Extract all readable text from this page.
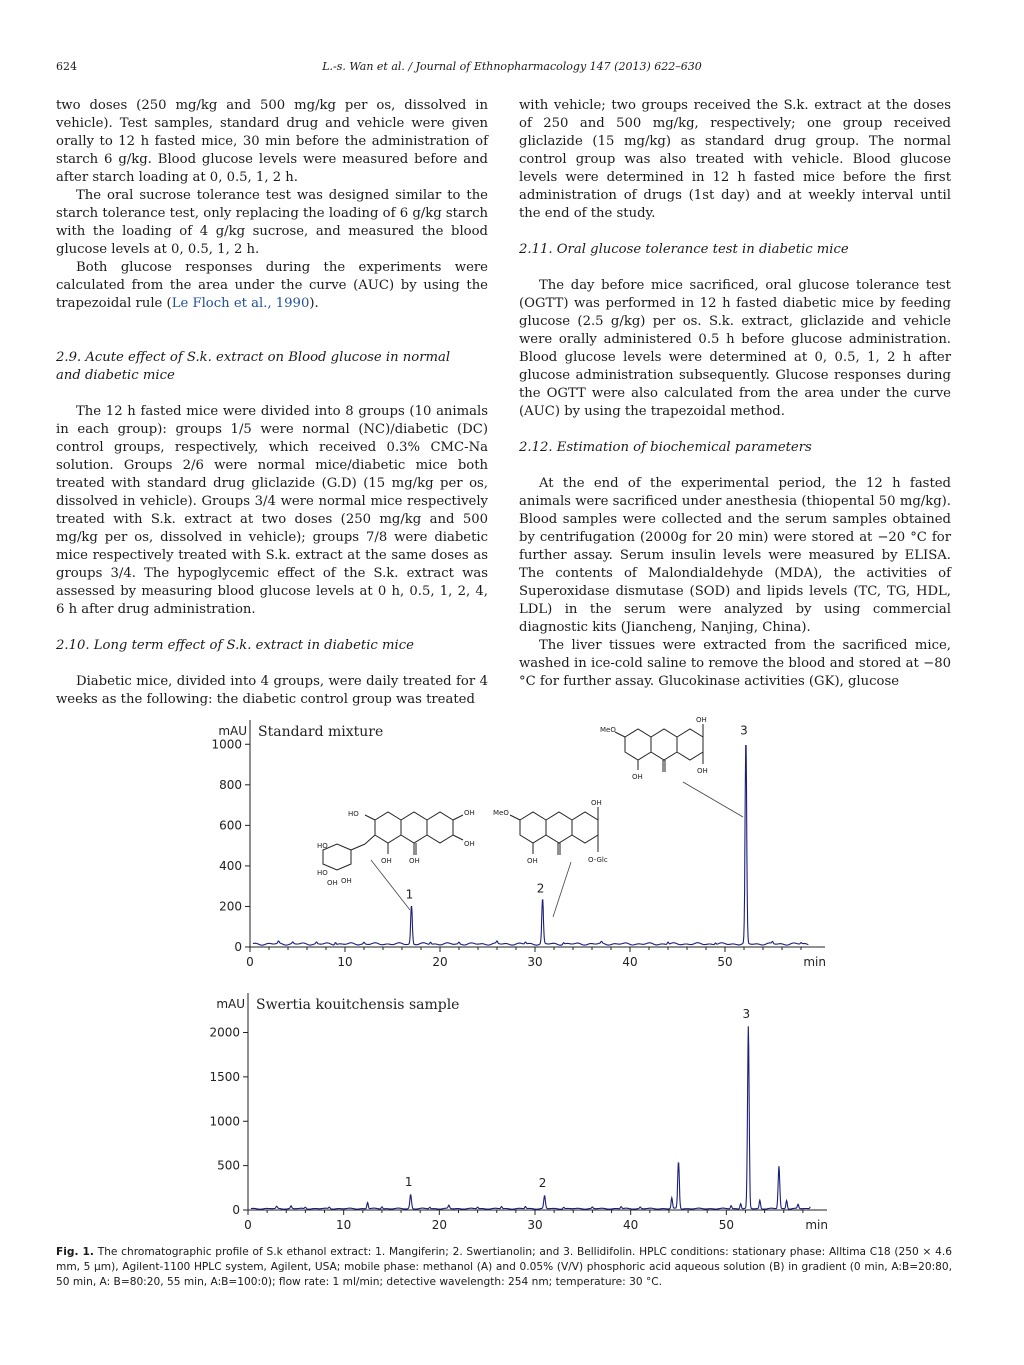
624	L.-s. Wan et al. / Journal of Ethnopharmacology 147 (2013) 622–630

two doses (250 mg/kg and 500 mg/kg per os, dissolved in vehicle). Test samples, standard drug and vehicle were given orally to 12 h fasted mice, 30 min before the administration of starch 6 g/kg. Blood glucose levels were measured before and after starch loading at 0, 0.5, 1, 2 h.

The oral sucrose tolerance test was designed similar to the starch tolerance test, only replacing the loading of 6 g/kg starch with the loading of 4 g/kg sucrose, and measured the blood glucose levels at 0, 0.5, 1, 2 h.

Both glucose responses during the experiments were calculated from the area under the curve (AUC) by using the trapezoidal rule (Le Floch et al., 1990).

2.9. Acute effect of S.k. extract on Blood glucose in normal
and diabetic mice

The 12 h fasted mice were divided into 8 groups (10 animals in each group): groups 1/5 were normal (NC)/diabetic (DC) control groups, respectively, which received 0.3% CMC-Na solution. Groups 2/6 were normal mice/diabetic mice both treated with standard drug gliclazide (G.D) (15 mg/kg per os, dissolved in vehicle). Groups 3/4 were normal mice respectively treated with S.k. extract at two doses (250 mg/kg and 500 mg/kg per os, dissolved in vehicle); groups 7/8 were diabetic mice respectively treated with S.k. extract at the same doses as groups 3/4. The hypoglycemic effect of the S.k. extract was assessed by measuring blood glucose levels at 0 h, 0.5, 1, 2, 4, 6 h after drug administration.

2.10. Long term effect of S.k. extract in diabetic mice

Diabetic mice, divided into 4 groups, were daily treated for 4 weeks as the following: the diabetic control group was treated

with vehicle; two groups received the S.k. extract at the doses of 250 and 500 mg/kg, respectively; one group received gliclazide (15 mg/kg) as standard drug group. The normal control group was also treated with vehicle. Blood glucose levels were determined in 12 h fasted mice before the first administration of drugs (1st day) and at weekly interval until the end of the study.

2.11. Oral glucose tolerance test in diabetic mice

The day before mice sacrificed, oral glucose tolerance test (OGTT) was performed in 12 h fasted diabetic mice by feeding glucose (2.5 g/kg) per os. S.k. extract, gliclazide and vehicle were orally administered 0.5 h before glucose administration. Blood glucose levels were determined at 0, 0.5, 1, 2 h after glucose administration subsequently. Glucose responses during the OGTT were also calculated from the area under the curve (AUC) by using the trapezoidal method.

2.12. Estimation of biochemical parameters

At the end of the experimental period, the 12 h fasted animals were sacrificed under anesthesia (thiopental 50 mg/kg). Blood samples were collected and the serum samples obtained by centrifugation (2000g for 20 min) were stored at −20 °C for further assay. Serum insulin levels were measured by ELISA. The contents of Malondialdehyde (MDA), the activities of Superoxidase dismutase (SOD) and lipids levels (TC, TG, HDL, LDL) in the serum were analyzed by using commercial diagnostic kits (Jiancheng, Nanjing, China).

The liver tissues were extracted from the sacrificed mice, washed in ice-cold saline to remove the blood and stored at −80 °C for further assay. Glucokinase activities (GK), glucose

0
200
400
600
800
1000
0	10	20	30	40	50	min
mAU Standard mixture
1	2
3
0
500
1000
1500
2000
0	10	20	30	40	50	min
mAU Swertia kouitchensis sample
1	2
3
HO	OH
OH
OH OH
HO
HO
OH OH
MeO
OH
OH	O-Glc
MeO
OH
OH
OH
Fig. 1. The chromatographic profile of S.k ethanol extract: 1. Mangiferin; 2. Swertianolin; and 3. Bellidifolin. HPLC conditions: stationary phase: Alltima C18 (250 × 4.6 mm, 5 μm), Agilent-1100 HPLC system, Agilent, USA; mobile phase: methanol (A) and 0.05% (V/V) phosphoric acid aqueous solution (B) in gradient (0 min, A:B=20:80, 50 min, A: B=80:20, 55 min, A:B=100:0); flow rate: 1 ml/min; detective wavelength: 254 nm; temperature: 30 °C.
